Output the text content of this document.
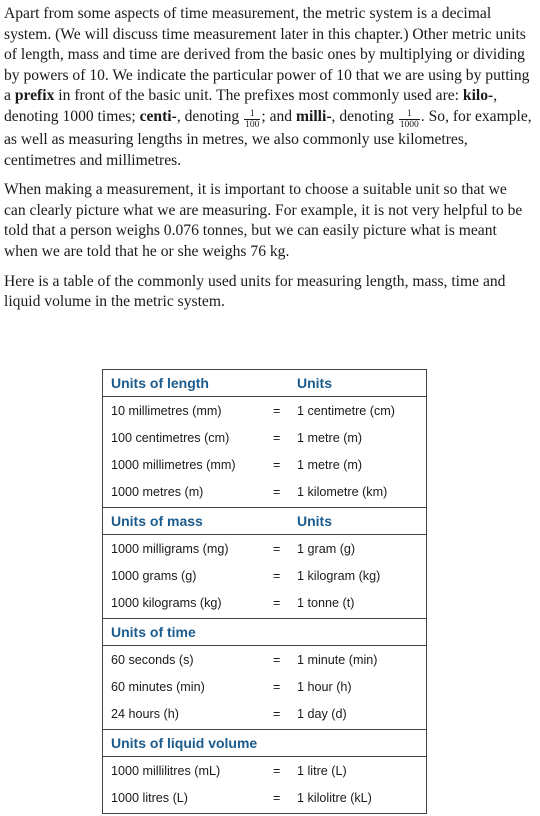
Apart from some aspects of time measurement, the metric system is a decimal system. (We will discuss time measurement later in this chapter.) Other metric units of length, mass and time are derived from the basic ones by multiplying or dividing by powers of 10. We indicate the particular power of 10 that we are using by putting a prefix in front of the basic unit. The prefixes most commonly used are: kilo-, denoting 1000 times; centi-, denoting $\frac{1}{100}$ ; and milli-, denoting $\frac{1}{1000}$ . So, for example, as well as measuring lengths in metres, we also commonly use kilometres, centimetres and millimetres.

When making a measurement, it is important to choose a suitable unit so that we can clearly picture what we are measuring. For example, it is not very helpful to be told that a person weighs 0.076 tonnes, but we can easily picture what is meant when we are told that he or she weighs 76 kg.

Here is a table of the commonly used units for measuring length, mass, time and liquid volume in the metric system.

Units of length	Units
10 millimetres (mm)	= 1 centimetre (cm)
100 centimetres (cm)	= 1 metre (m)
1000 millimetres (mm)	= 1 metre (m)
1000 metres (m)	= 1 kilometre (km)
Units of mass	Units
1000 milligrams (mg)	= 1 gram (g)
1000 grams (g)	= 1 kilogram (kg)
1000 kilograms (kg)	= 1 tonne (t)
Units of time
60 seconds (s)	= 1 minute (min)
60 minutes (min)	= 1 hour (h)
24 hours (h)	= 1 day (d)
Units of liquid volume
1000 millilitres (mL)	= 1 litre (L)
1000 litres (L)	= 1 kilolitre (kL)
